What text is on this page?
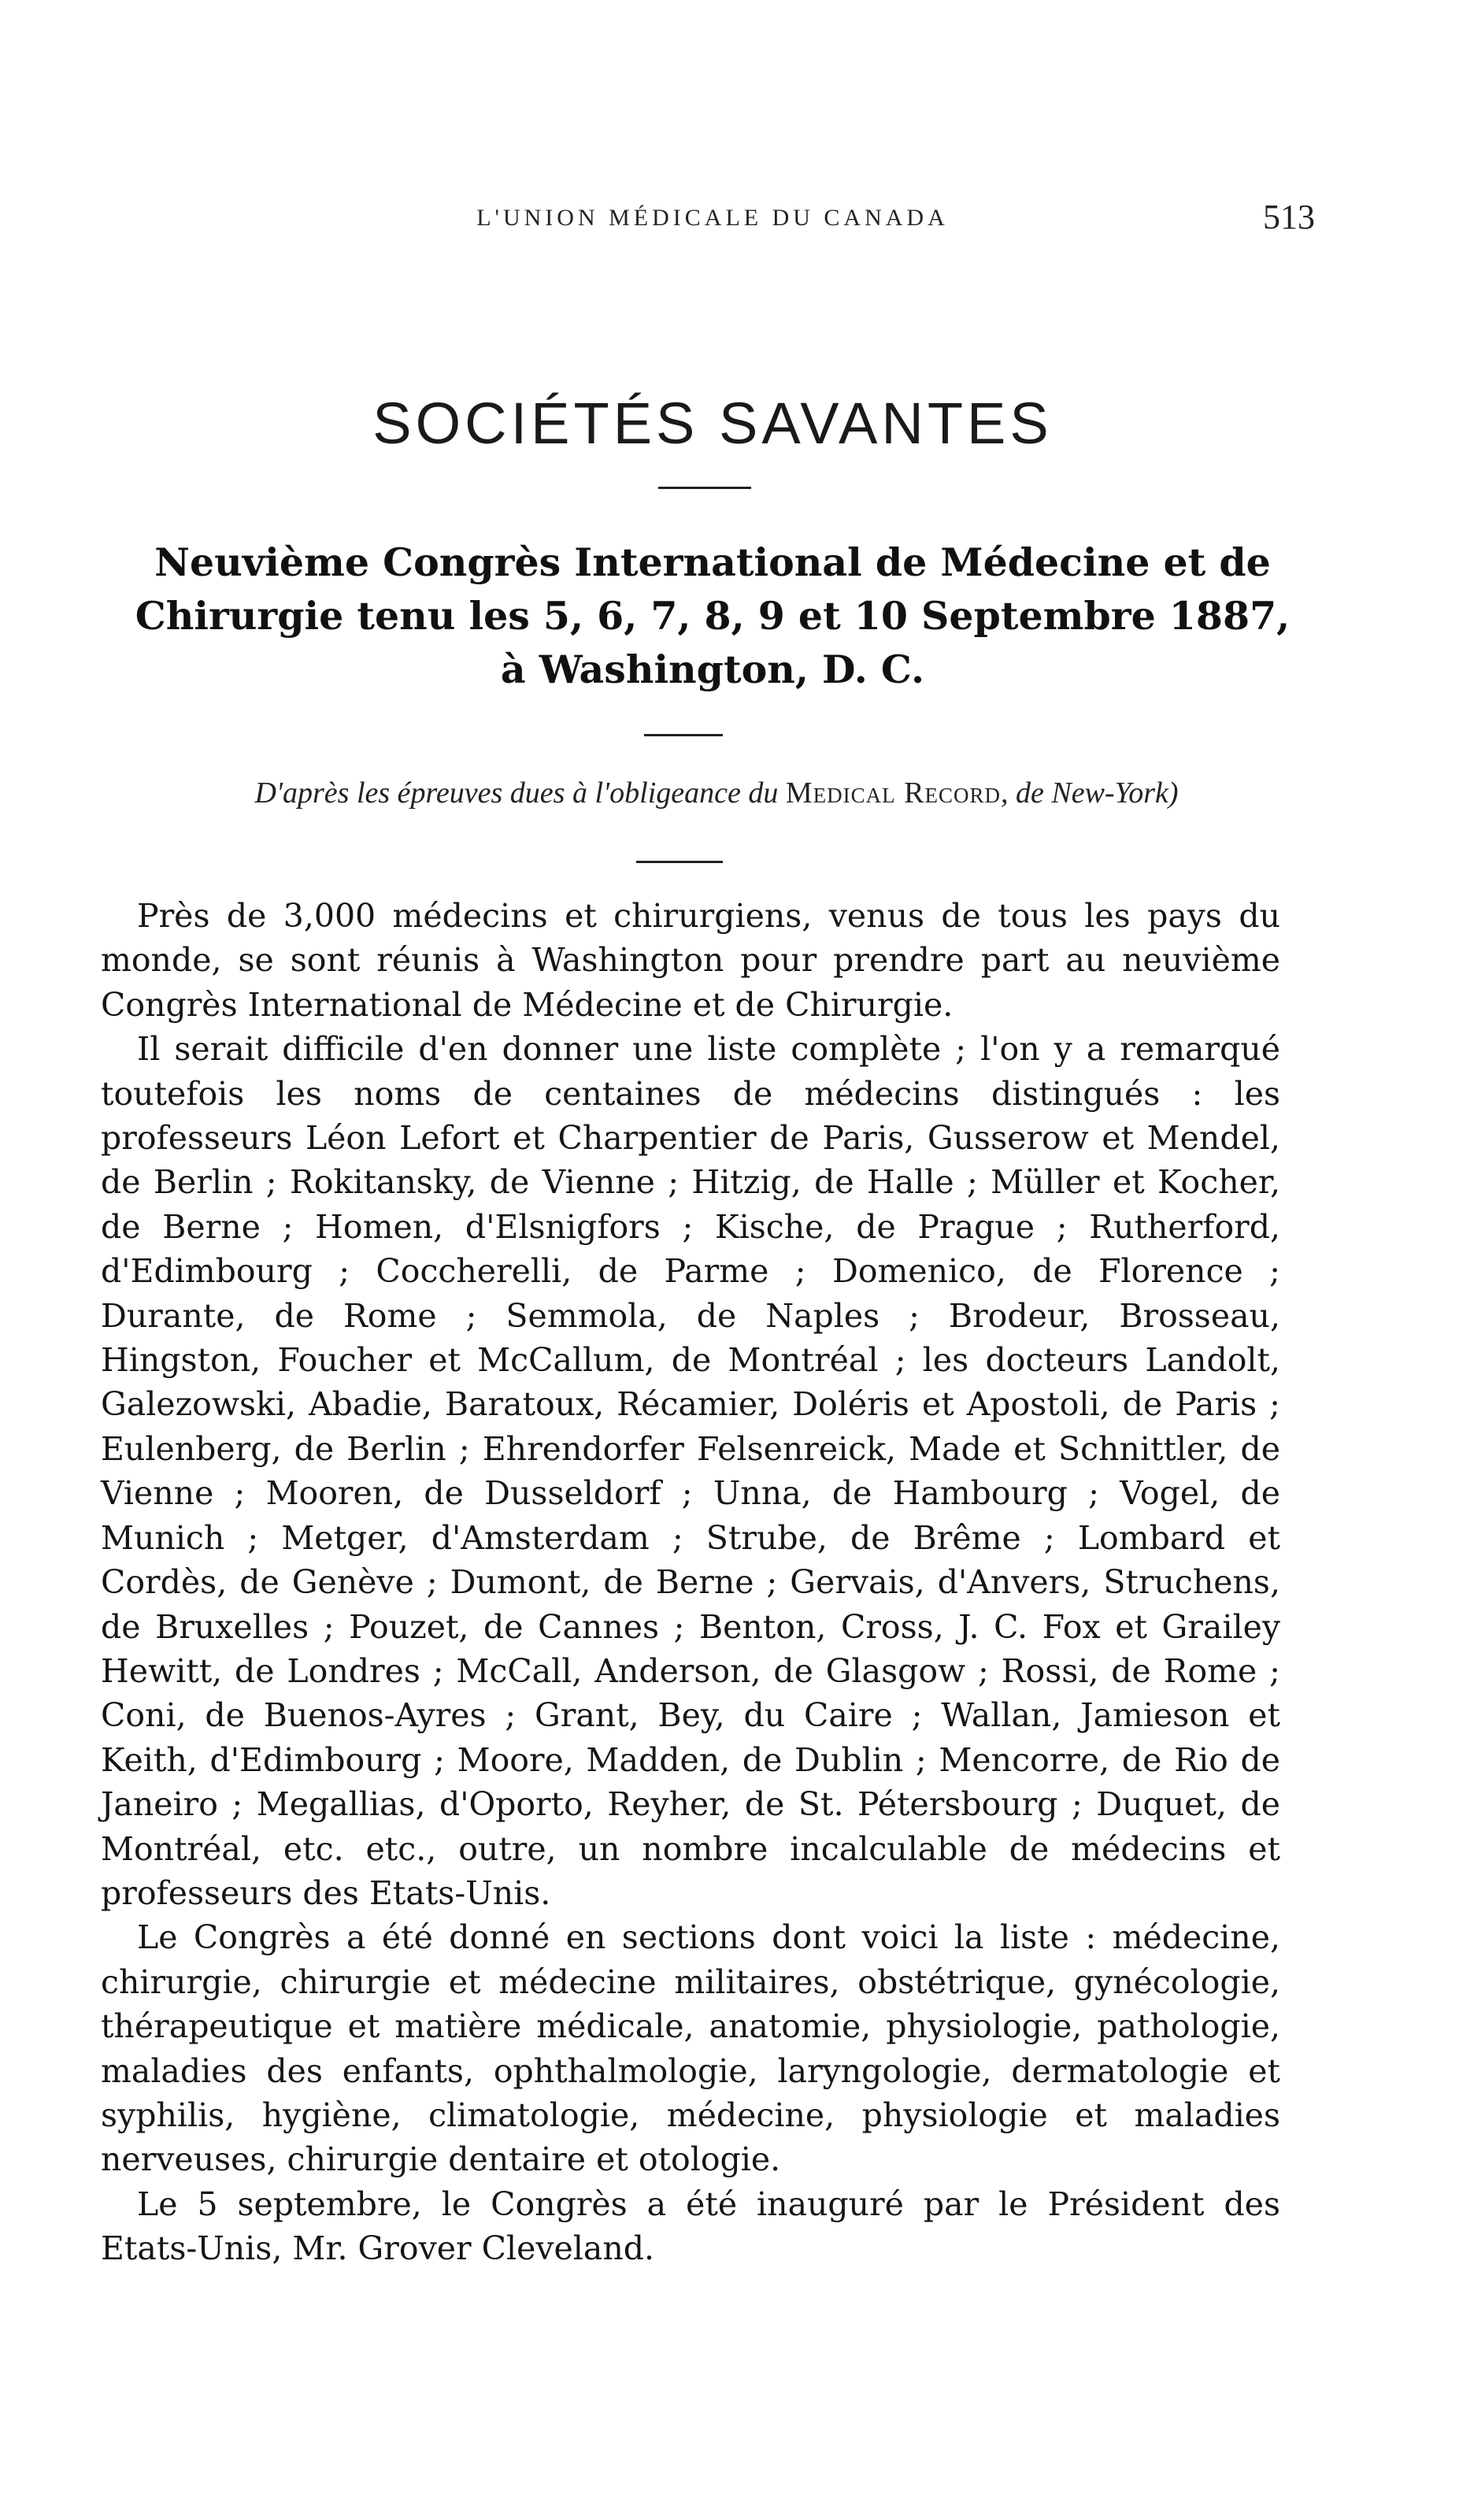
L'UNION MÉDICALE DU CANADA	513
SOCIÉTÉS SAVANTES
Neuvième Congrès International de Médecine et de Chirurgie tenu les 5, 6, 7, 8, 9 et 10 Septembre 1887, à Washington, D. C.
D'après les épreuves dues à l'obligeance du Medical Record, de New-York)

Près de 3,000 médecins et chirurgiens, venus de tous les pays du monde, se sont réunis à Washington pour prendre part au neuvième Congrès International de Médecine et de Chirurgie.

Il serait difficile d'en donner une liste complète ; l'on y a remarqué toutefois les noms de centaines de médecins distingués : les professeurs Léon Lefort et Charpentier de Paris, Gusserow et Mendel, de Berlin ; Rokitansky, de Vienne ; Hitzig, de Halle ; Müller et Kocher, de Berne ; Homen, d'Elsnigfors ; Kische, de Prague ; Rutherford, d'Edimbourg ; Coccherelli, de Parme ; Domenico, de Florence ; Durante, de Rome ; Semmola, de Naples ; Brodeur, Brosseau, Hingston, Foucher et McCallum, de Montréal ; les docteurs Landolt, Galezowski, Abadie, Baratoux, Récamier, Doléris et Apostoli, de Paris ; Eulenberg, de Berlin ; Ehrendorfer Felsenreick, Made et Schnittler, de Vienne ; Mooren, de Dusseldorf ; Unna, de Hambourg ; Vogel, de Munich ; Metger, d'Amsterdam ; Strube, de Brême ; Lombard et Cordès, de Genève ; Dumont, de Berne ; Gervais, d'Anvers, Struchens, de Bruxelles ; Pouzet, de Cannes ; Benton, Cross, J. C. Fox et Grailey Hewitt, de Londres ; McCall, Anderson, de Glasgow ; Rossi, de Rome ; Coni, de Buenos-Ayres ; Grant, Bey, du Caire ; Wallan, Jamieson et Keith, d'Edimbourg ; Moore, Madden, de Dublin ; Mencorre, de Rio de Janeiro ; Megallias, d'Oporto, Reyher, de St. Pétersbourg ; Duquet, de Montréal, etc. etc., outre, un nombre incalculable de médecins et professeurs des Etats-Unis.

Le Congrès a été donné en sections dont voici la liste : médecine, chirurgie, chirurgie et médecine militaires, obstétrique, gynécologie, thérapeutique et matière médicale, anatomie, physiologie, pathologie, maladies des enfants, ophthalmologie, laryngologie, dermatologie et syphilis, hygiène, climatologie, médecine, physiologie et maladies nerveuses, chirurgie dentaire et otologie.

Le 5 septembre, le Congrès a été inauguré par le Président des Etats-Unis, Mr. Grover Cleveland.
